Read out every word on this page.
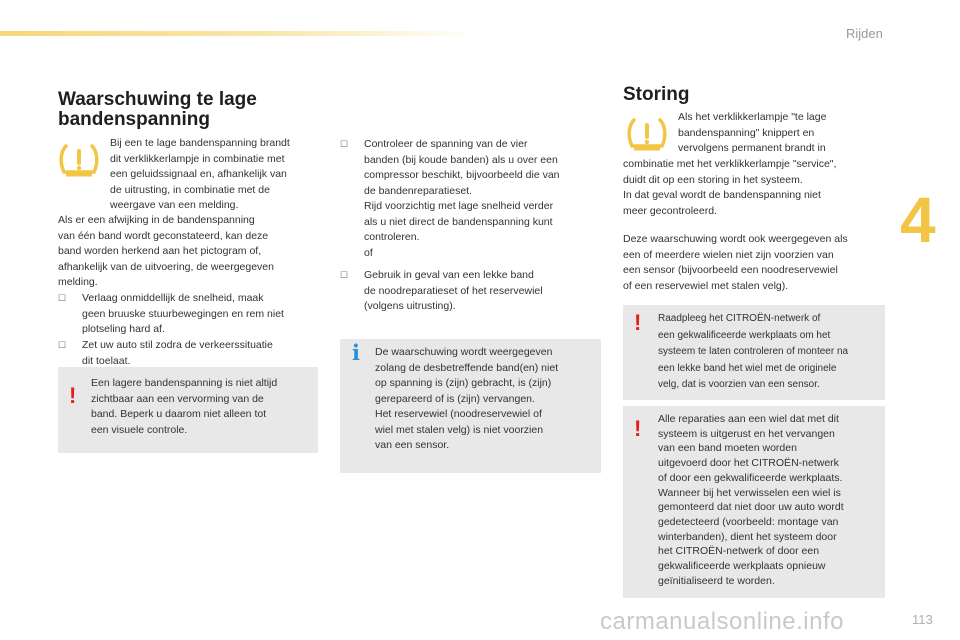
Rijden
4
113
Waarschuwing te lage
bandenspanning
Bij een te lage bandenspanning brandt
dit verklikkerlampje in combinatie met
een geluidssignaal en, afhankelijk van
de uitrusting, in combinatie met de
weergave van een melding.
Als er een afwijking in de bandenspanning
van één band wordt geconstateerd, kan deze
band worden herkend aan het pictogram of,
afhankelijk van de uitvoering, de weergegeven
melding.
☐ Verlaag onmiddellijk de snelheid, maak
geen bruuske stuurbewegingen en rem niet
plotseling hard af.
☐ Zet uw auto stil zodra de verkeerssituatie
dit toelaat.
! Een lagere bandenspanning is niet altijd
zichtbaar aan een vervorming van de
band. Beperk u daarom niet alleen tot
een visuele controle.
☐ Controleer de spanning van de vier
banden (bij koude banden) als u over een
compressor beschikt, bijvoorbeeld die van
de bandenreparatieset.
Rijd voorzichtig met lage snelheid verder
als u niet direct de bandenspanning kunt
controleren.
of
☐ Gebruik in geval van een lekke band
de noodreparatieset of het reservewiel
(volgens uitrusting).
i De waarschuwing wordt weergegeven
zolang de desbetreffende band(en) niet
op spanning is (zijn) gebracht, is (zijn)
gerepareerd of is (zijn) vervangen.
Het reservewiel (noodreservewiel of
wiel met stalen velg) is niet voorzien
van een sensor.
Storing
Als het verklikkerlampje "te lage
bandenspanning" knippert en
vervolgens permanent brandt in
combinatie met het verklikkerlampje "service",
duidt dit op een storing in het systeem.
In dat geval wordt de bandenspanning niet
meer gecontroleerd.
Deze waarschuwing wordt ook weergegeven als
een of meerdere wielen niet zijn voorzien van
een sensor (bijvoorbeeld een noodreservewiel
of een reservewiel met stalen velg).
! Raadpleeg het CITROËN-netwerk of
een gekwalificeerde werkplaats om het
systeem te laten controleren of monteer na
een lekke band het wiel met de originele
velg, dat is voorzien van een sensor.
! Alle reparaties aan een wiel dat met dit
systeem is uitgerust en het vervangen
van een band moeten worden
uitgevoerd door het CITROËN-netwerk
of door een gekwalificeerde werkplaats.
Wanneer bij het verwisselen een wiel is
gemonteerd dat niet door uw auto wordt
gedetecteerd (voorbeeld: montage van
winterbanden), dient het systeem door
het CITROËN-netwerk of door een
gekwalificeerde werkplaats opnieuw
geïnitialiseerd te worden.
carmanualsonline.info
